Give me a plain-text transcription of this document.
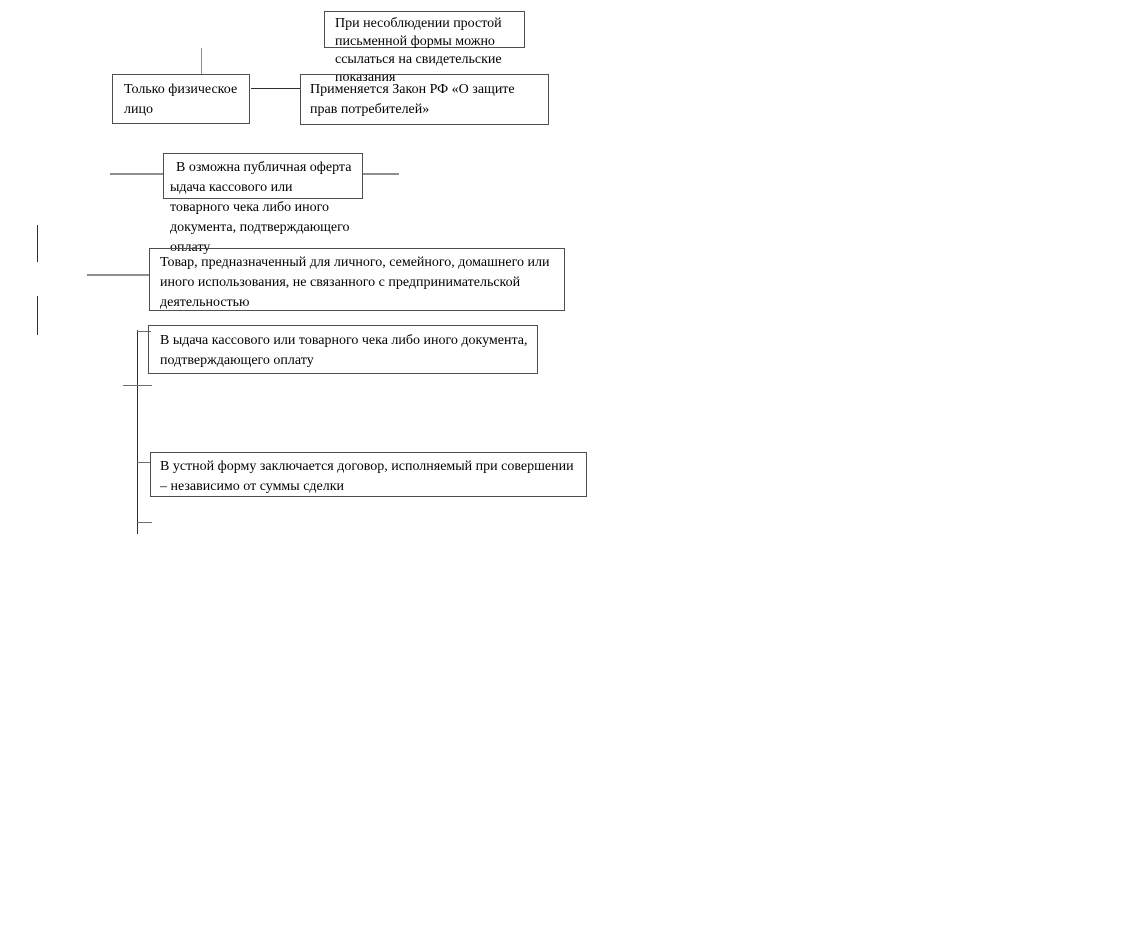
При несоблюдении простой
письменной формы можно
ссылаться на свидетельские
показания
Только физическое
лицо
Применяется Закон РФ «О защите
прав потребителей»
В озможна публичная оферта
ыдача кассового или
товарного чека либо иного
документа, подтверждающего
оплату
Товар, предназначенный для личного, семейного, домашнего или
иного использования, не связанного с предпринимательской
деятельностью
В ыдача кассового или товарного чека либо иного документа,
подтверждающего оплату
В устной форму заключается договор, исполняемый при совершении
– независимо от суммы сделки
